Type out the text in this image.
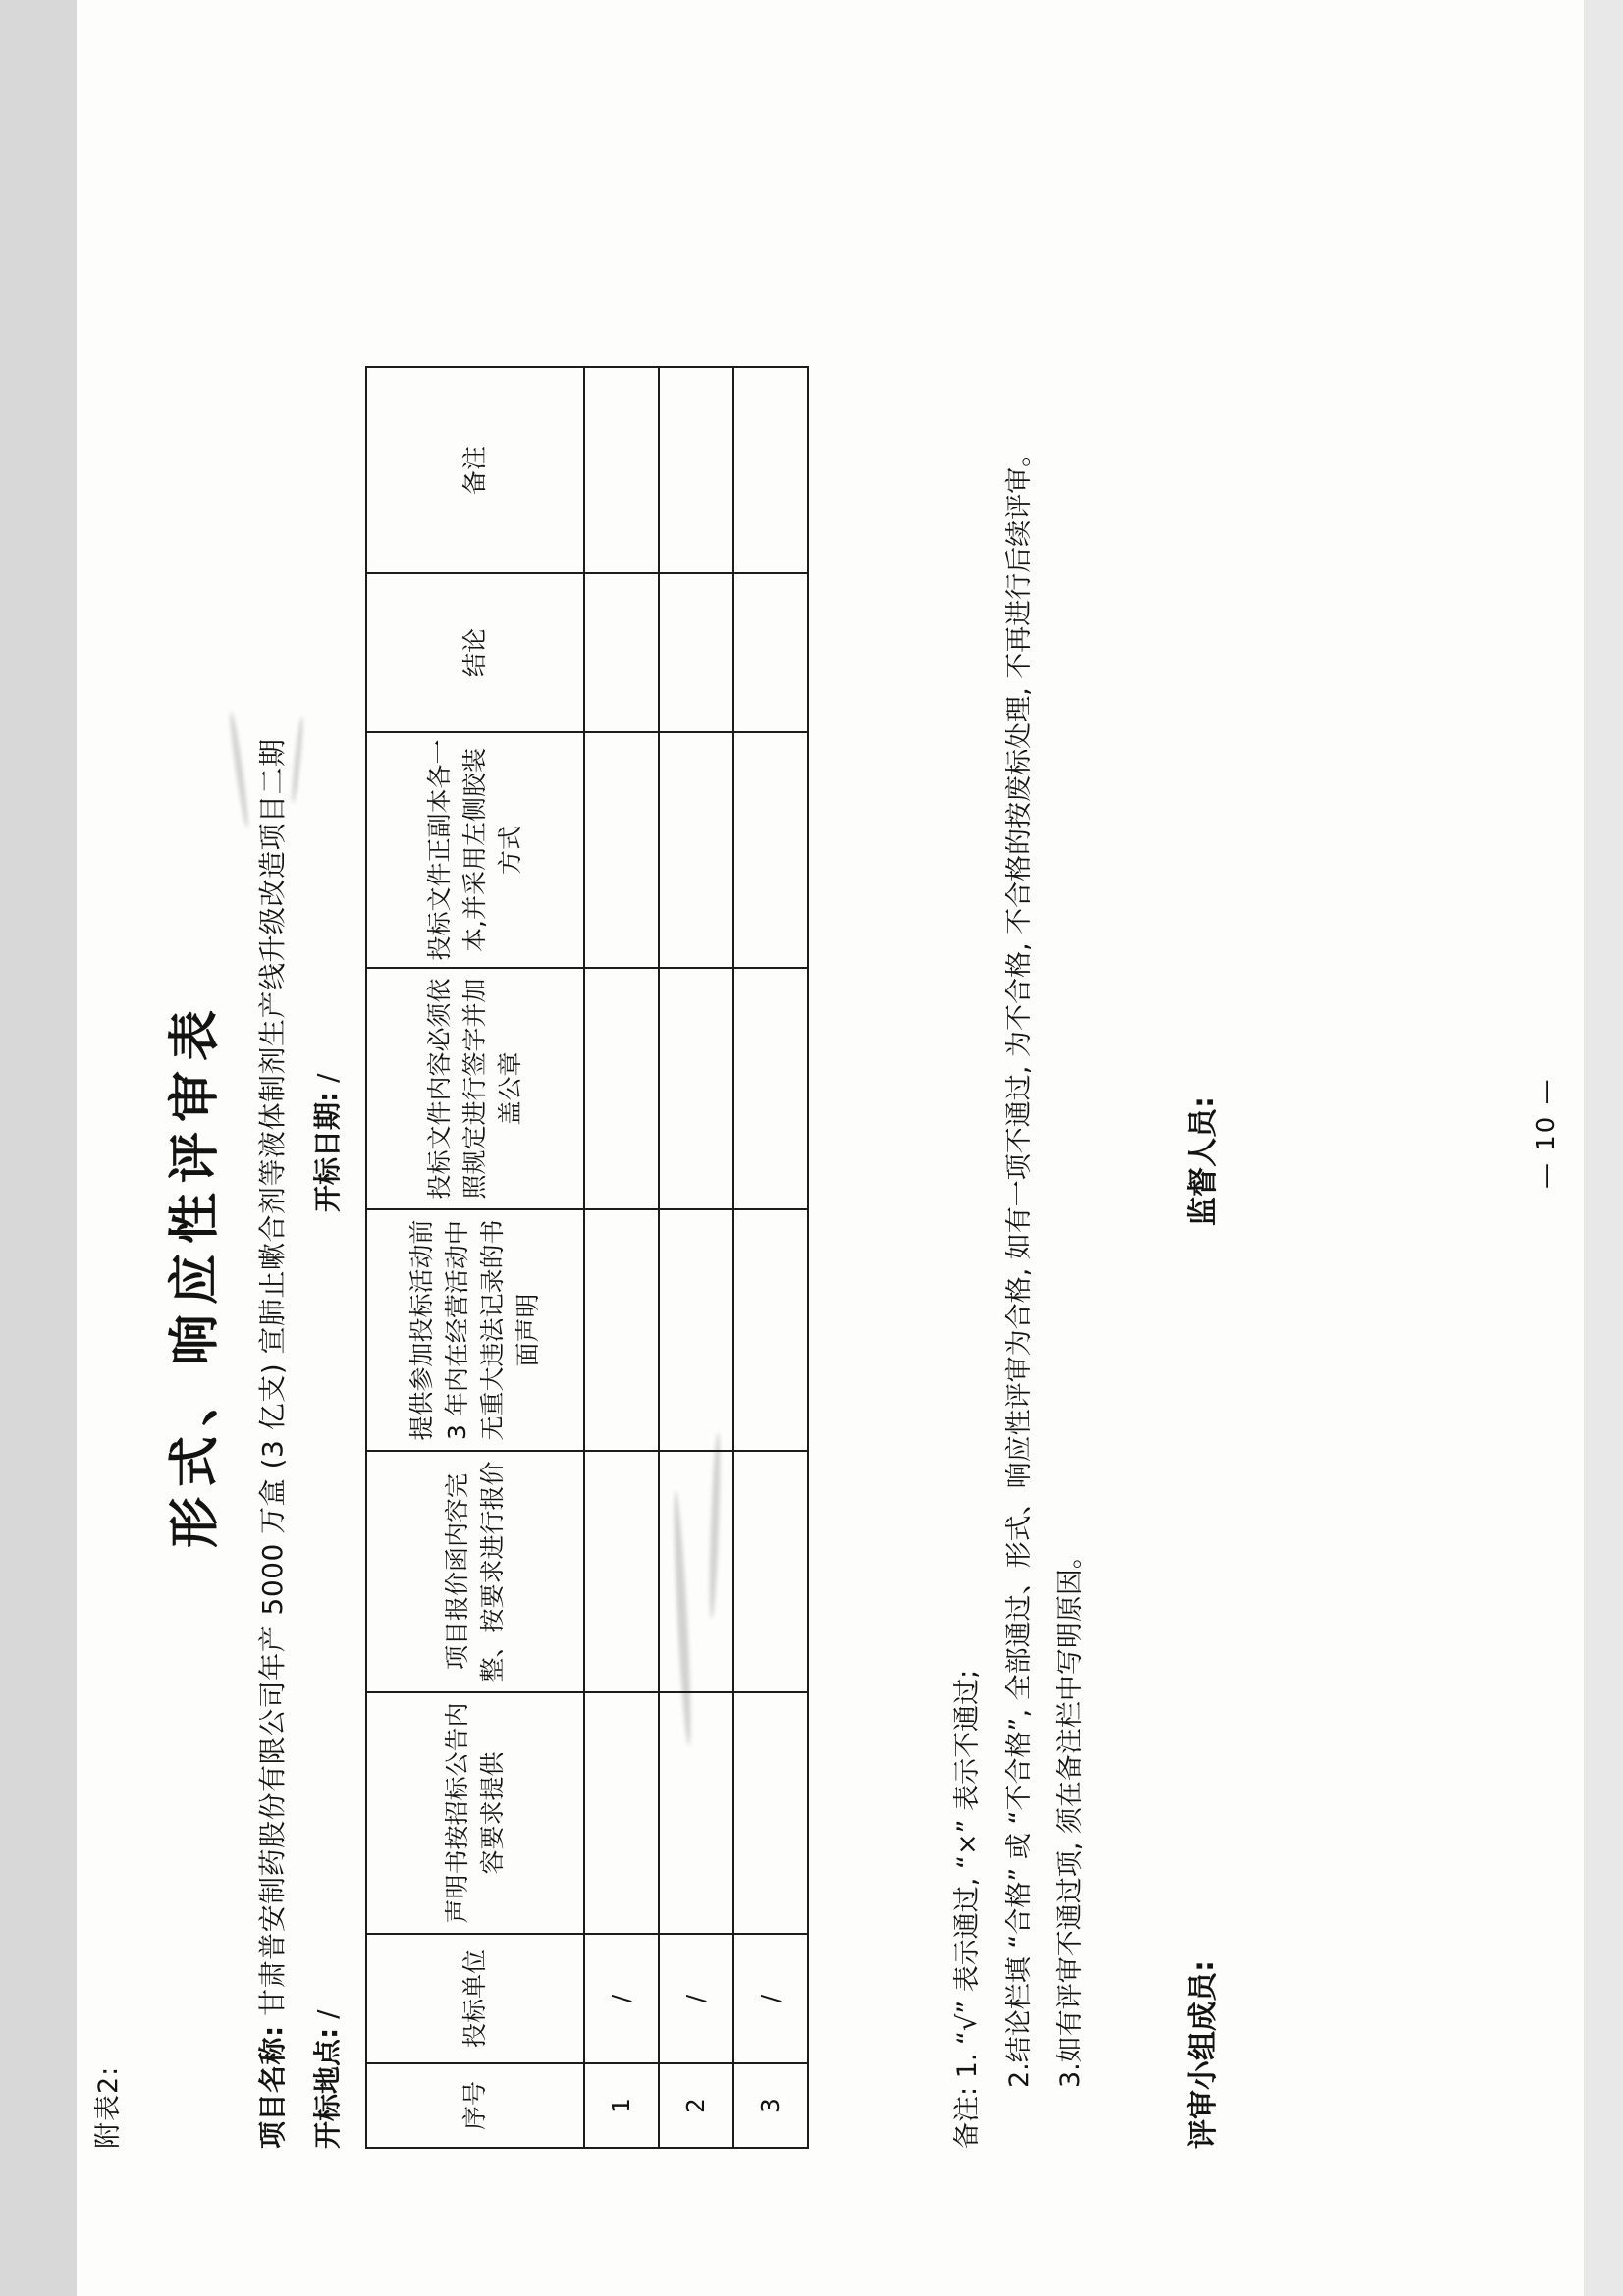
附表2:
形式、响应性评审表
项目名称: 甘肃普安制药股份有限公司年产 5000 万盒 (3 亿支) 宣肺止嗽合剂等液体制剂生产线升级改造项目二期
开标地点: /
开标日期: /
序号	投标单位	声明书按招标公告内容要求提供	项目报价函内容完整、按要求进行报价	提供参加投标活动前 3 年内在经营活动中无重大违法记录的书面声明	投标文件内容必须依照规定进行签字并加盖公章	投标文件正副本各一本,并采用左侧胶装方式	结论	备注
1	/							
2	/							
3	/							
备注: 1. “√” 表示通过, “×” 表示不通过; 2.结论栏填 “合格” 或 “不合格”, 全部通过、形式、响应性评审为合格, 如有一项不通过, 为不合格, 不合格的按废标处理, 不再进行后续评审。 3.如有评审不通过项, 须在备注栏中写明原因。	评审小组成员:
监督人员:	— 10 —
